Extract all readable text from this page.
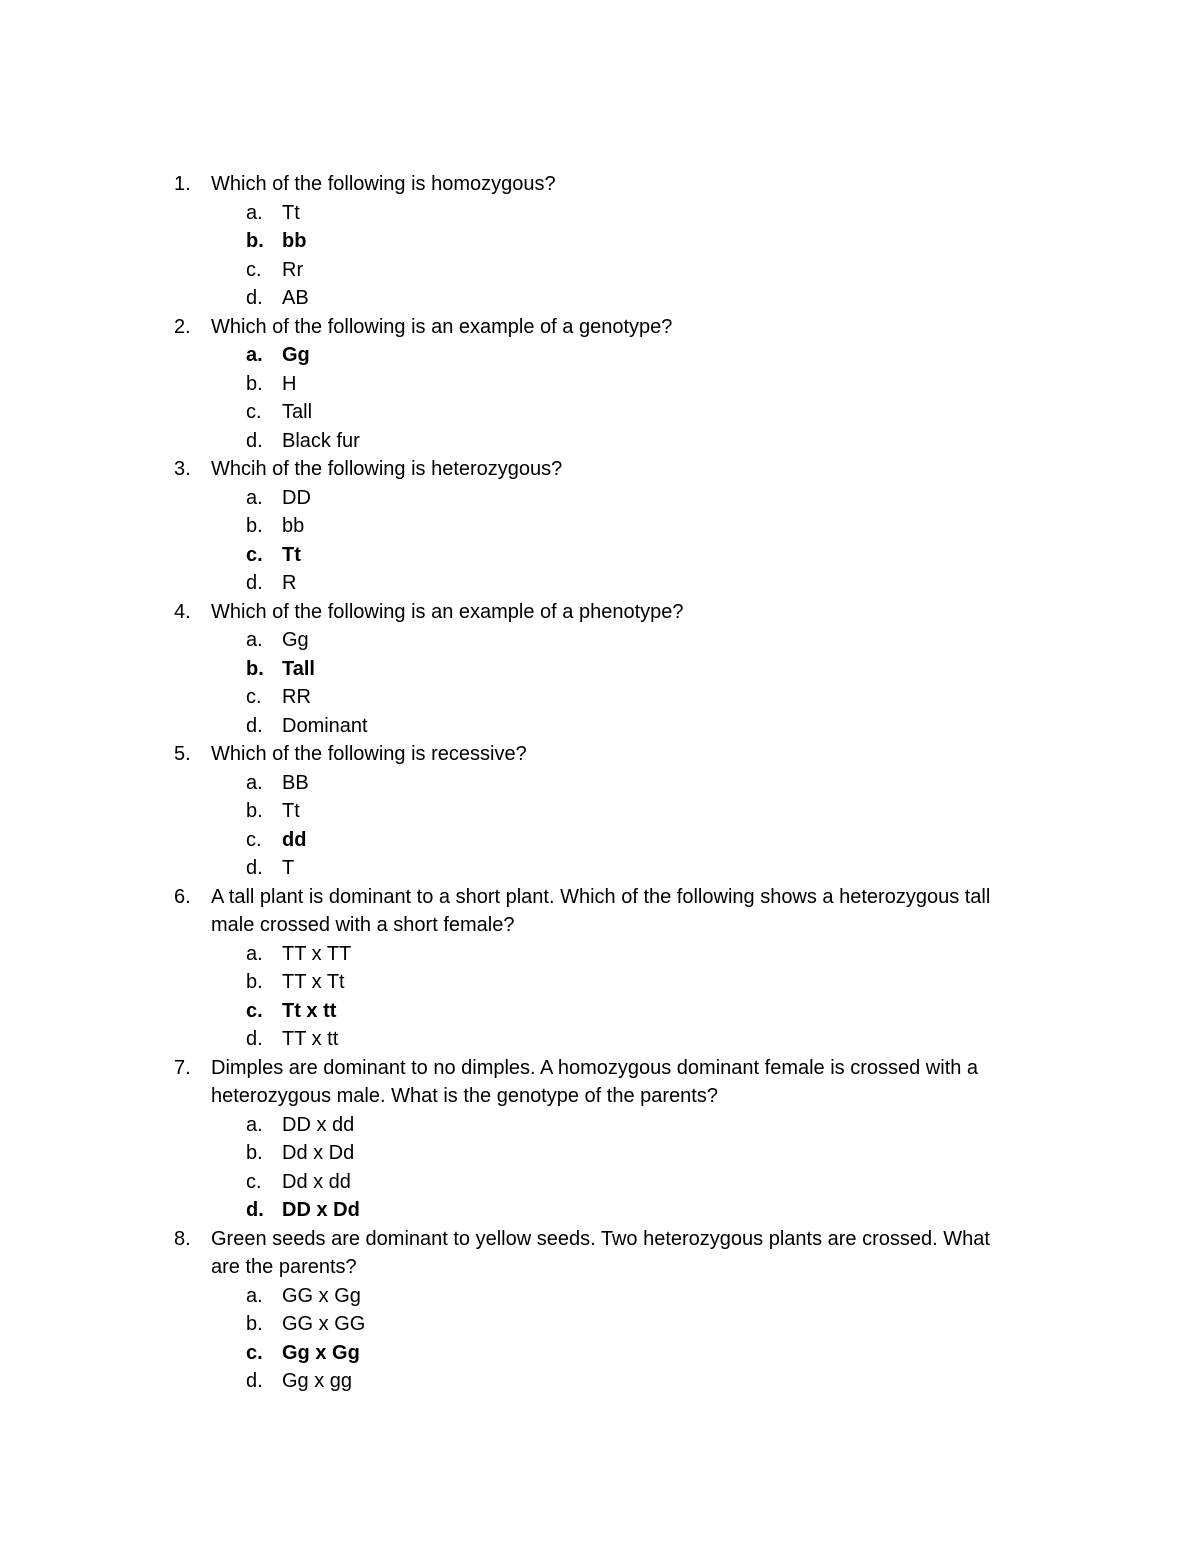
1. Which of the following is homozygous?
a. Tt
b. bb
c. Rr
d. AB
2. Which of the following is an example of a genotype?
a. Gg
b. H
c. Tall
d. Black fur
3. Whcih of the following is heterozygous?
a. DD
b. bb
c. Tt
d. R
4. Which of the following is an example of a phenotype?
a. Gg
b. Tall
c. RR
d. Dominant
5. Which of the following is recessive?
a. BB
b. Tt
c. dd
d. T
6. A tall plant is dominant to a short plant. Which of the following shows a heterozygous tall
male crossed with a short female?
a. TT x TT
b. TT x Tt
c. Tt x tt
d. TT x tt
7. Dimples are dominant to no dimples. A homozygous dominant female is crossed with a
heterozygous male. What is the genotype of the parents?
a. DD x dd
b. Dd x Dd
c. Dd x dd
d. DD x Dd
8. Green seeds are dominant to yellow seeds. Two heterozygous plants are crossed. What
are the parents?
a. GG x Gg
b. GG x GG
c. Gg x Gg
d. Gg x gg
